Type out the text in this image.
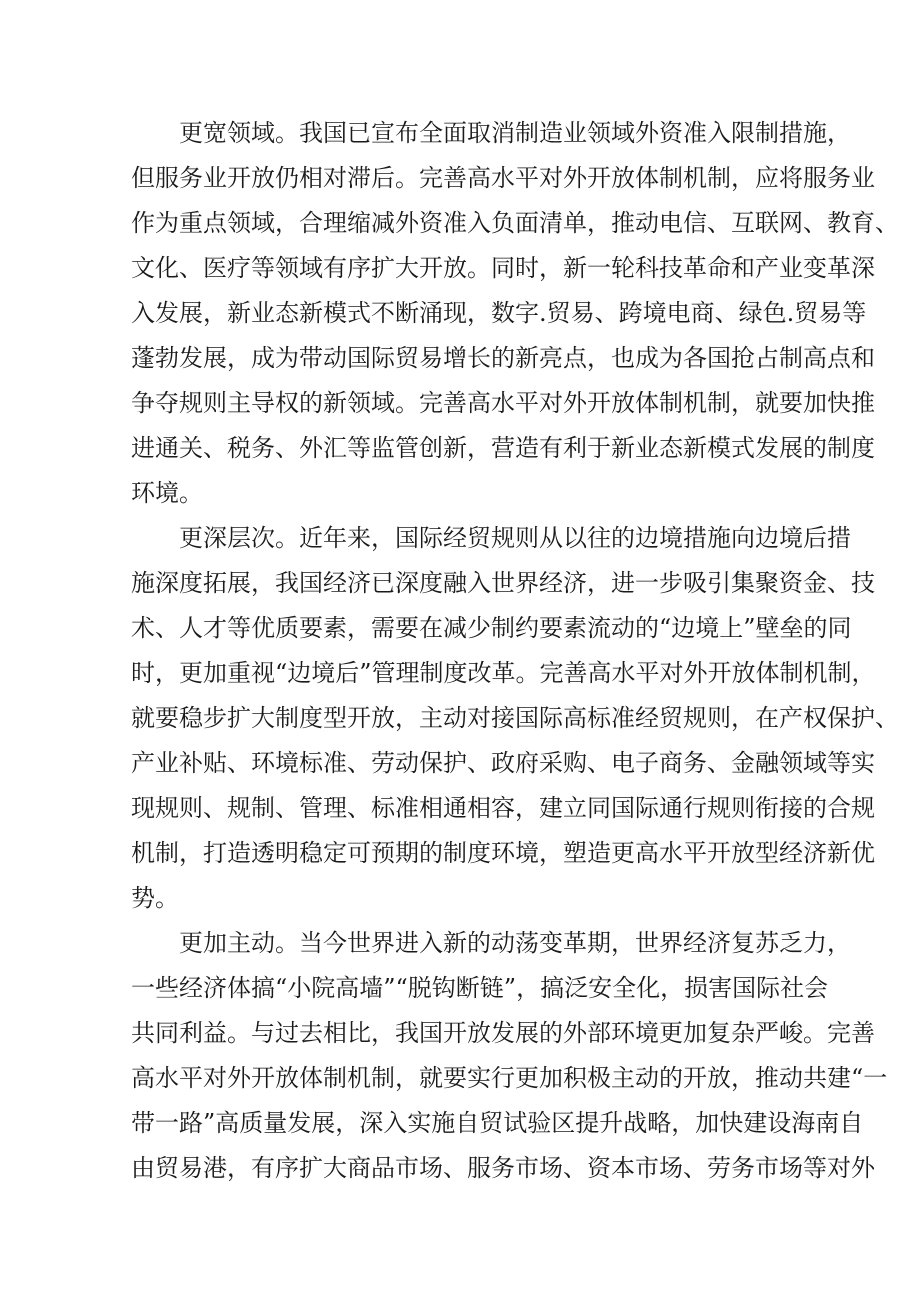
更宽领域。我国已宣布全面取消制造业领域外资准入限制措施，
但服务业开放仍相对滞后。完善高水平对外开放体制机制，应将服务业
作为重点领域，合理缩减外资准入负面清单，推动电信、互联网、教育、
文化、医疗等领域有序扩大开放。同时，新一轮科技革命和产业变革深
入发展，新业态新模式不断涌现，数字.贸易、跨境电商、绿色.贸易等
蓬勃发展，成为带动国际贸易增长的新亮点，也成为各国抢占制高点和
争夺规则主导权的新领域。完善高水平对外开放体制机制，就要加快推
进通关、税务、外汇等监管创新，营造有利于新业态新模式发展的制度
环境。
更深层次。近年来，国际经贸规则从以往的边境措施向边境后措
施深度拓展，我国经济已深度融入世界经济，进一步吸引集聚资金、技
术、人才等优质要素，需要在减少制约要素流动的“边境上”壁垒的同
时，更加重视“边境后”管理制度改革。完善高水平对外开放体制机制，
就要稳步扩大制度型开放，主动对接国际高标准经贸规则，在产权保护、
产业补贴、环境标准、劳动保护、政府采购、电子商务、金融领域等实
现规则、规制、管理、标准相通相容，建立同国际通行规则衔接的合规
机制，打造透明稳定可预期的制度环境，塑造更高水平开放型经济新优
势。
更加主动。当今世界进入新的动荡变革期，世界经济复苏乏力，
一些经济体搞“小院高墙”“脱钩断链”，搞泛安全化，损害国际社会
共同利益。与过去相比，我国开放发展的外部环境更加复杂严峻。完善
高水平对外开放体制机制，就要实行更加积极主动的开放，推动共建“一
带一路”高质量发展，深入实施自贸试验区提升战略，加快建设海南自
由贸易港，有序扩大商品市场、服务市场、资本市场、劳务市场等对外
